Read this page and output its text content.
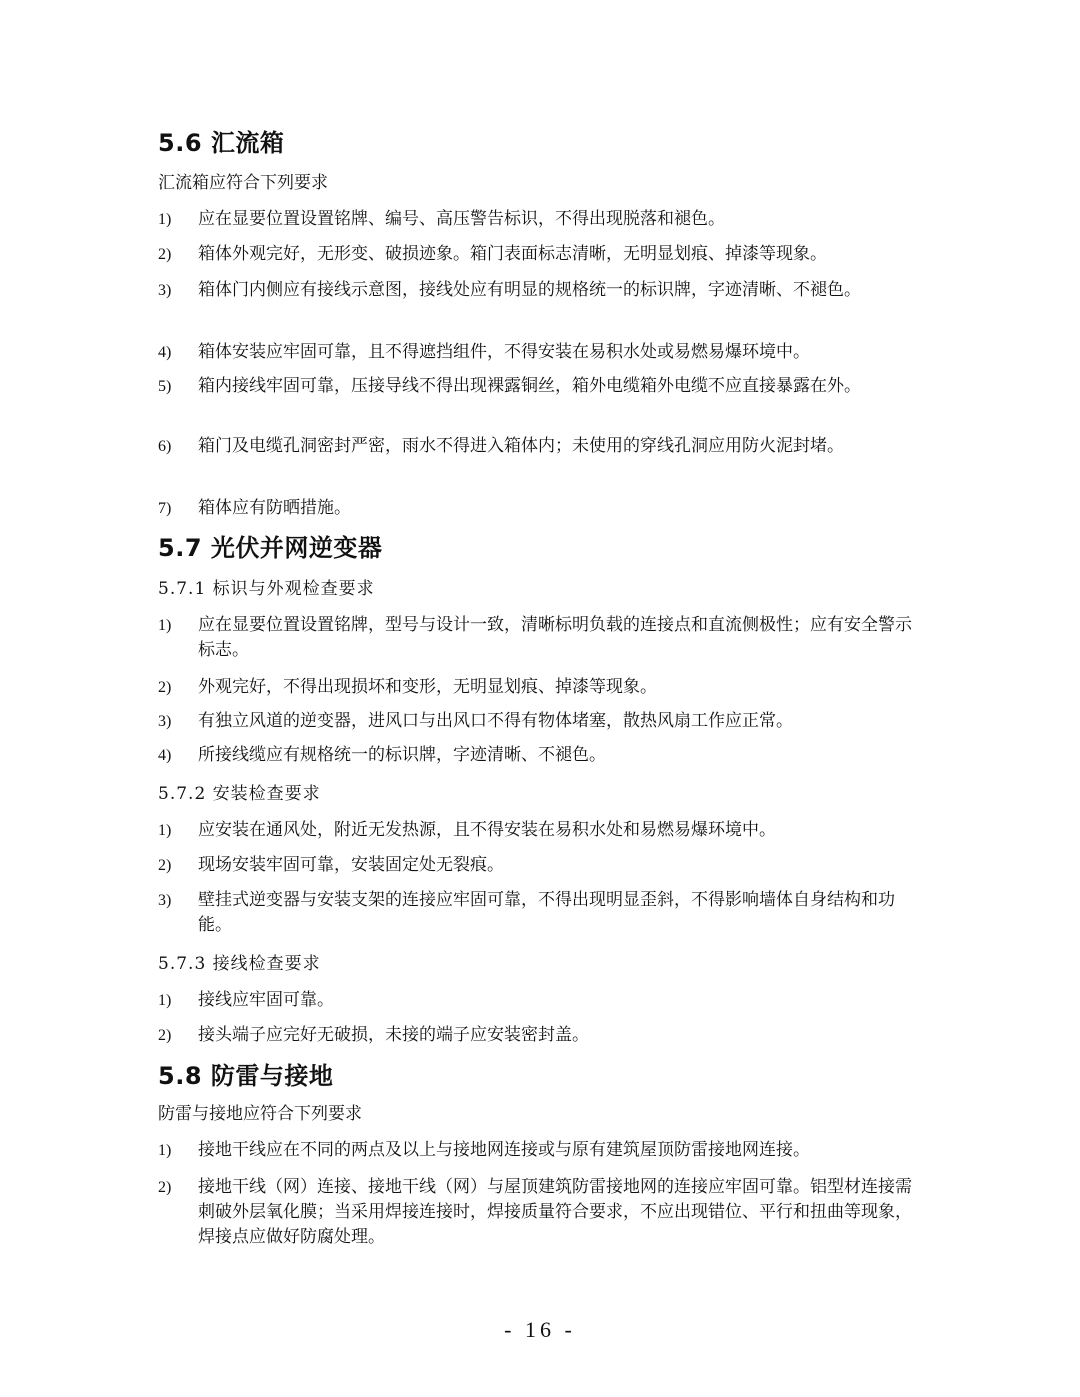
5.6 汇流箱
汇流箱应符合下列要求
1) 应在显要位置设置铭牌、编号、高压警告标识，不得出现脱落和褪色。
2) 箱体外观完好，无形变、破损迹象。箱门表面标志清晰，无明显划痕、掉漆等现象。
3) 箱体门内侧应有接线示意图，接线处应有明显的规格统一的标识牌，字迹清晰、不褪色。
4) 箱体安装应牢固可靠，且不得遮挡组件，不得安装在易积水处或易燃易爆环境中。
5) 箱内接线牢固可靠，压接导线不得出现裸露铜丝，箱外电缆箱外电缆不应直接暴露在外。
6) 箱门及电缆孔洞密封严密，雨水不得进入箱体内；未使用的穿线孔洞应用防火泥封堵。
7) 箱体应有防晒措施。
5.7 光伏并网逆变器
5.7.1 标识与外观检查要求
1) 应在显要位置设置铭牌，型号与设计一致，清晰标明负载的连接点和直流侧极性；应有安全警示标志。
2) 外观完好，不得出现损坏和变形，无明显划痕、掉漆等现象。
3) 有独立风道的逆变器，进风口与出风口不得有物体堵塞，散热风扇工作应正常。
4) 所接线缆应有规格统一的标识牌，字迹清晰、不褪色。
5.7.2 安装检查要求
1) 应安装在通风处，附近无发热源，且不得安装在易积水处和易燃易爆环境中。
2) 现场安装牢固可靠，安装固定处无裂痕。
3) 壁挂式逆变器与安装支架的连接应牢固可靠，不得出现明显歪斜，不得影响墙体自身结构和功能。
5.7.3 接线检查要求
1) 接线应牢固可靠。
2) 接头端子应完好无破损，未接的端子应安装密封盖。
5.8 防雷与接地
防雷与接地应符合下列要求
1) 接地干线应在不同的两点及以上与接地网连接或与原有建筑屋顶防雷接地网连接。
2) 接地干线（网）连接、接地干线（网）与屋顶建筑防雷接地网的连接应牢固可靠。铝型材连接需刺破外层氧化膜；当采用焊接连接时，焊接质量符合要求，不应出现错位、平行和扭曲等现象，焊接点应做好防腐处理。
- 16 -
